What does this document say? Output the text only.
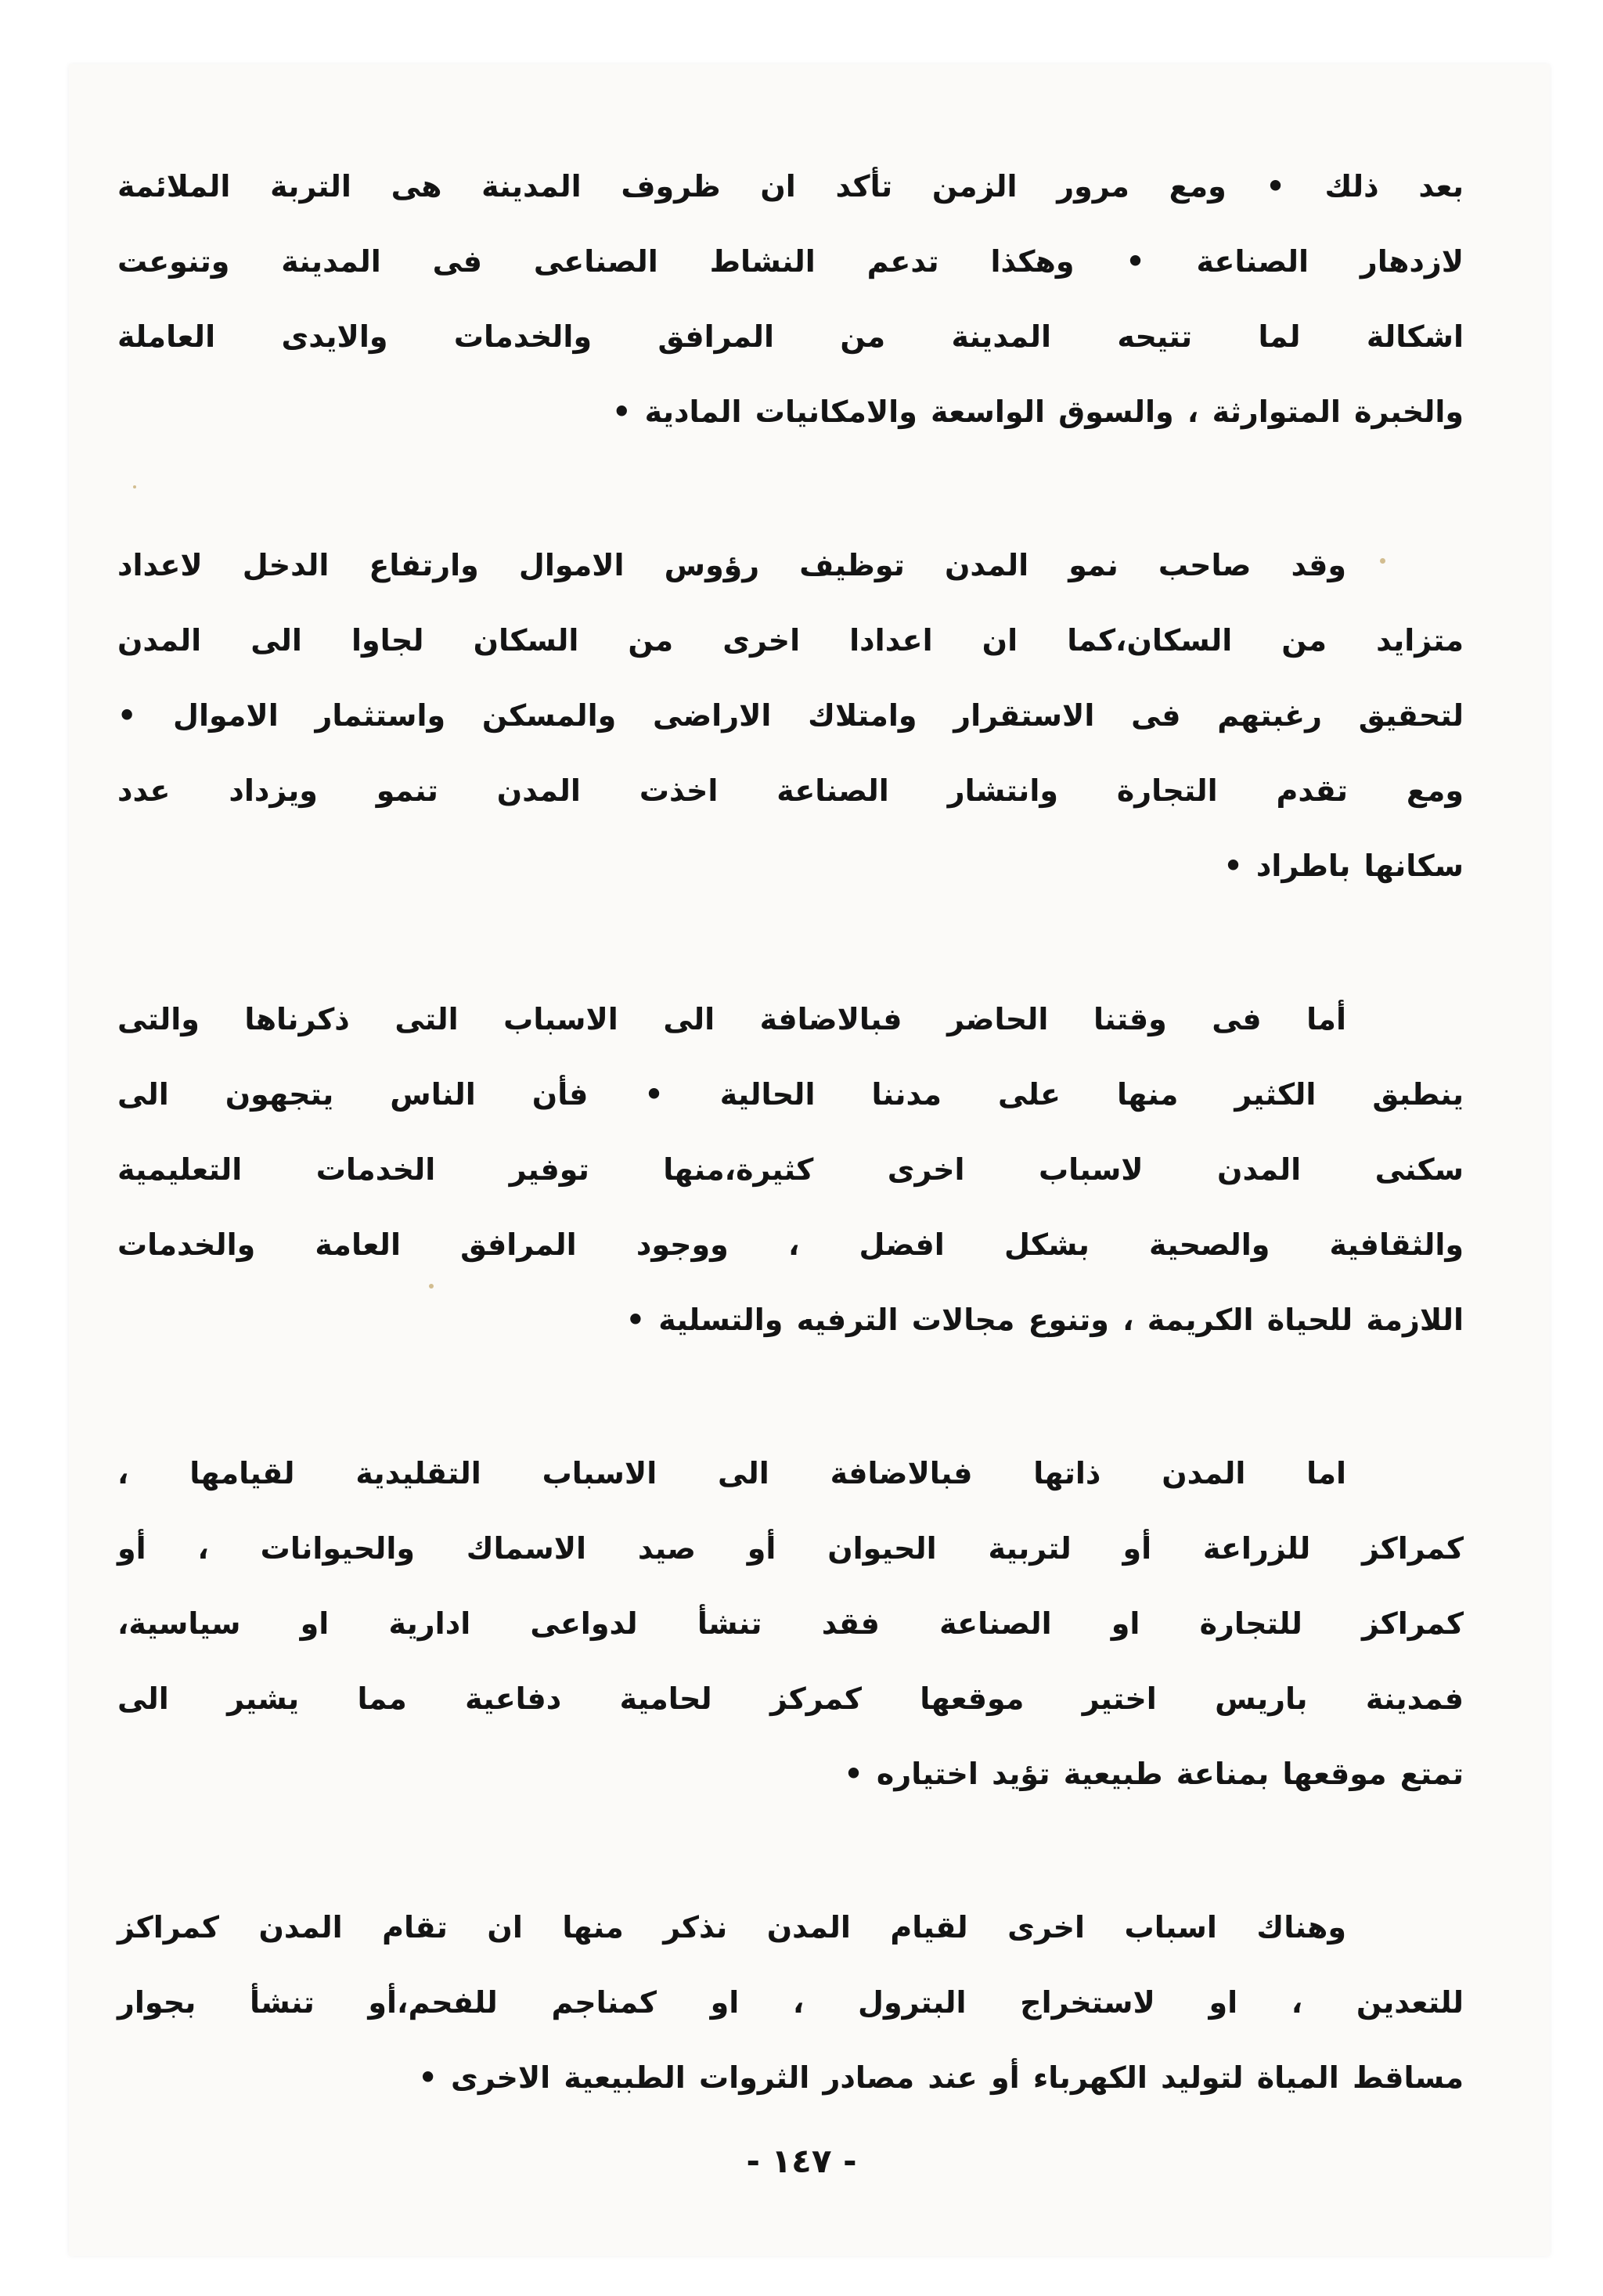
بعد ذلك • ومع مرور الزمن تأكد ان ظروف المدينة هى التربة الملائمة
لازدهار الصناعة • وهكذا تدعم النشاط الصناعى فى المدينة وتنوعت
اشكالة لما تتيحه المدينة من المرافق والخدمات والايدى العاملة
والخبرة المتوارثة ، والسوق الواسعة والامكانيات المادية •
وقد صاحب نمو المدن توظيف رؤوس الاموال وارتفاع الدخل لاعداد
متزايد من السكان،كما ان اعدادا اخرى من السكان لجاوا الى المدن
لتحقيق رغبتهم فى الاستقرار وامتلاك الاراضى والمسكن واستثمار الاموال •
ومع تقدم التجارة وانتشار الصناعة اخذت المدن تنمو ويزداد عدد
سكانها باطراد •
أما فى وقتنا الحاضر فبالاضافة الى الاسباب التى ذكرناها والتى
ينطبق الكثير منها على مدننا الحالية • فأن الناس يتجهون الى
سكنى المدن لاسباب اخرى كثيرة،منها توفير الخدمات التعليمية
والثقافية والصحية بشكل افضل ، ووجود المرافق العامة والخدمات
اللازمة للحياة الكريمة ، وتنوع مجالات الترفيه والتسلية •
اما المدن ذاتها فبالاضافة الى الاسباب التقليدية لقيامها ،
كمراكز للزراعة أو لتربية الحيوان أو صيد الاسماك والحيوانات ، أو
كمراكز للتجارة او الصناعة فقد تنشأ لدواعى ادارية او سياسية،
فمدينة باريس اختير موقعها كمركز لحامية دفاعية مما يشير الى
تمتع موقعها بمناعة طبيعية تؤيد اختياره •
وهناك اسباب اخرى لقيام المدن نذكر منها ان تقام المدن كمراكز
للتعدين ، او لاستخراج البترول ، او كمناجم للفحم،أو تنشأ بجوار
مساقط المياة لتوليد الكهرباء أو عند مصادر الثروات الطبيعية الاخرى •
- ١٤٧ -
